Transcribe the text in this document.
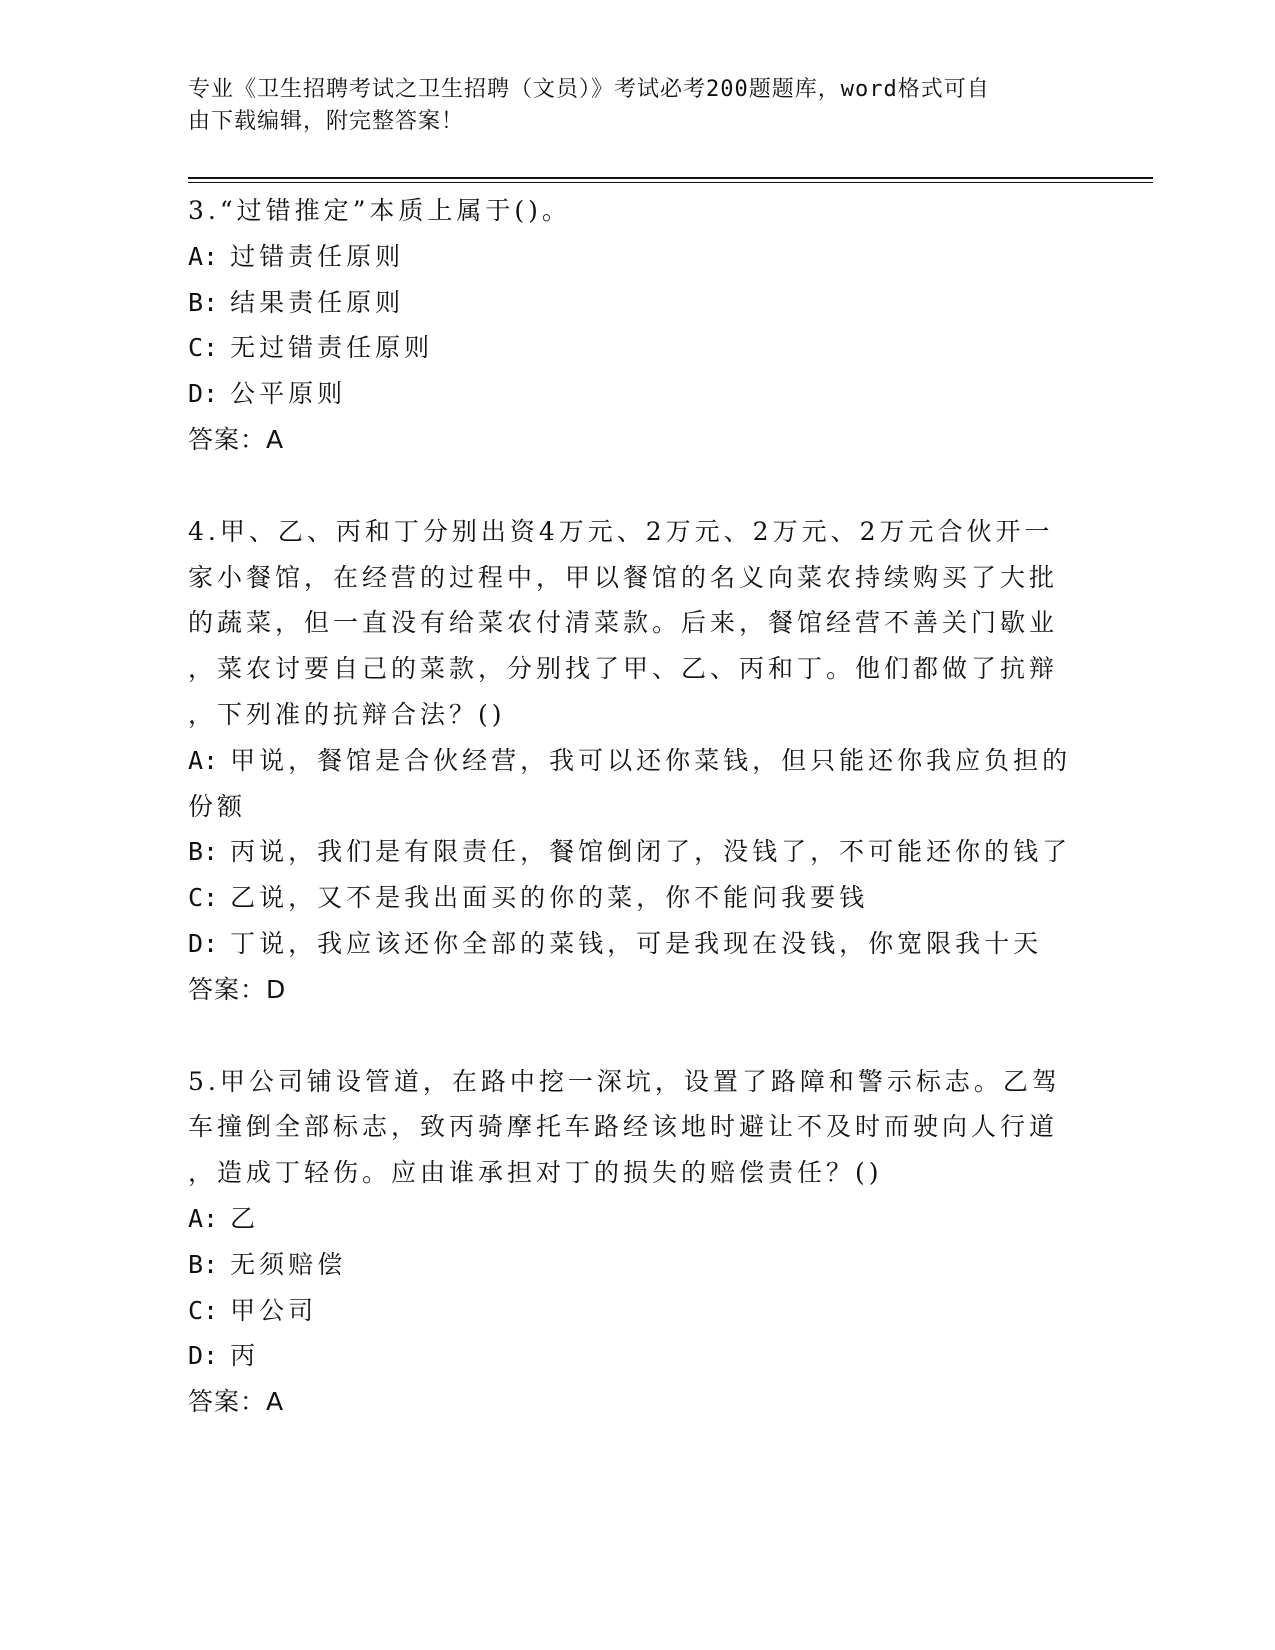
专业《卫生招聘考试之卫生招聘（文员）》考试必考200题题库，word格式可自
由下载编辑，附完整答案！
3.“过错推定”本质上属于()。
A: 过错责任原则
B: 结果责任原则
C: 无过错责任原则
D: 公平原则
答案：A
4.甲、乙、丙和丁分别出资4万元、2万元、2万元、2万元合伙开一
家小餐馆，在经营的过程中，甲以餐馆的名义向菜农持续购买了大批
的蔬菜，但一直没有给菜农付清菜款。后来，餐馆经营不善关门歇业
，菜农讨要自己的菜款，分别找了甲、乙、丙和丁。他们都做了抗辩
，下列准的抗辩合法？()
A: 甲说，餐馆是合伙经营，我可以还你菜钱，但只能还你我应负担的
份额
B: 丙说，我们是有限责任，餐馆倒闭了，没钱了，不可能还你的钱了
C: 乙说，又不是我出面买的你的菜，你不能问我要钱
D: 丁说，我应该还你全部的菜钱，可是我现在没钱，你宽限我十天
答案：D
5.甲公司铺设管道，在路中挖一深坑，设置了路障和警示标志。乙驾
车撞倒全部标志，致丙骑摩托车路经该地时避让不及时而驶向人行道
，造成丁轻伤。应由谁承担对丁的损失的赔偿责任？()
A: 乙
B: 无须赔偿
C: 甲公司
D: 丙
答案：A
